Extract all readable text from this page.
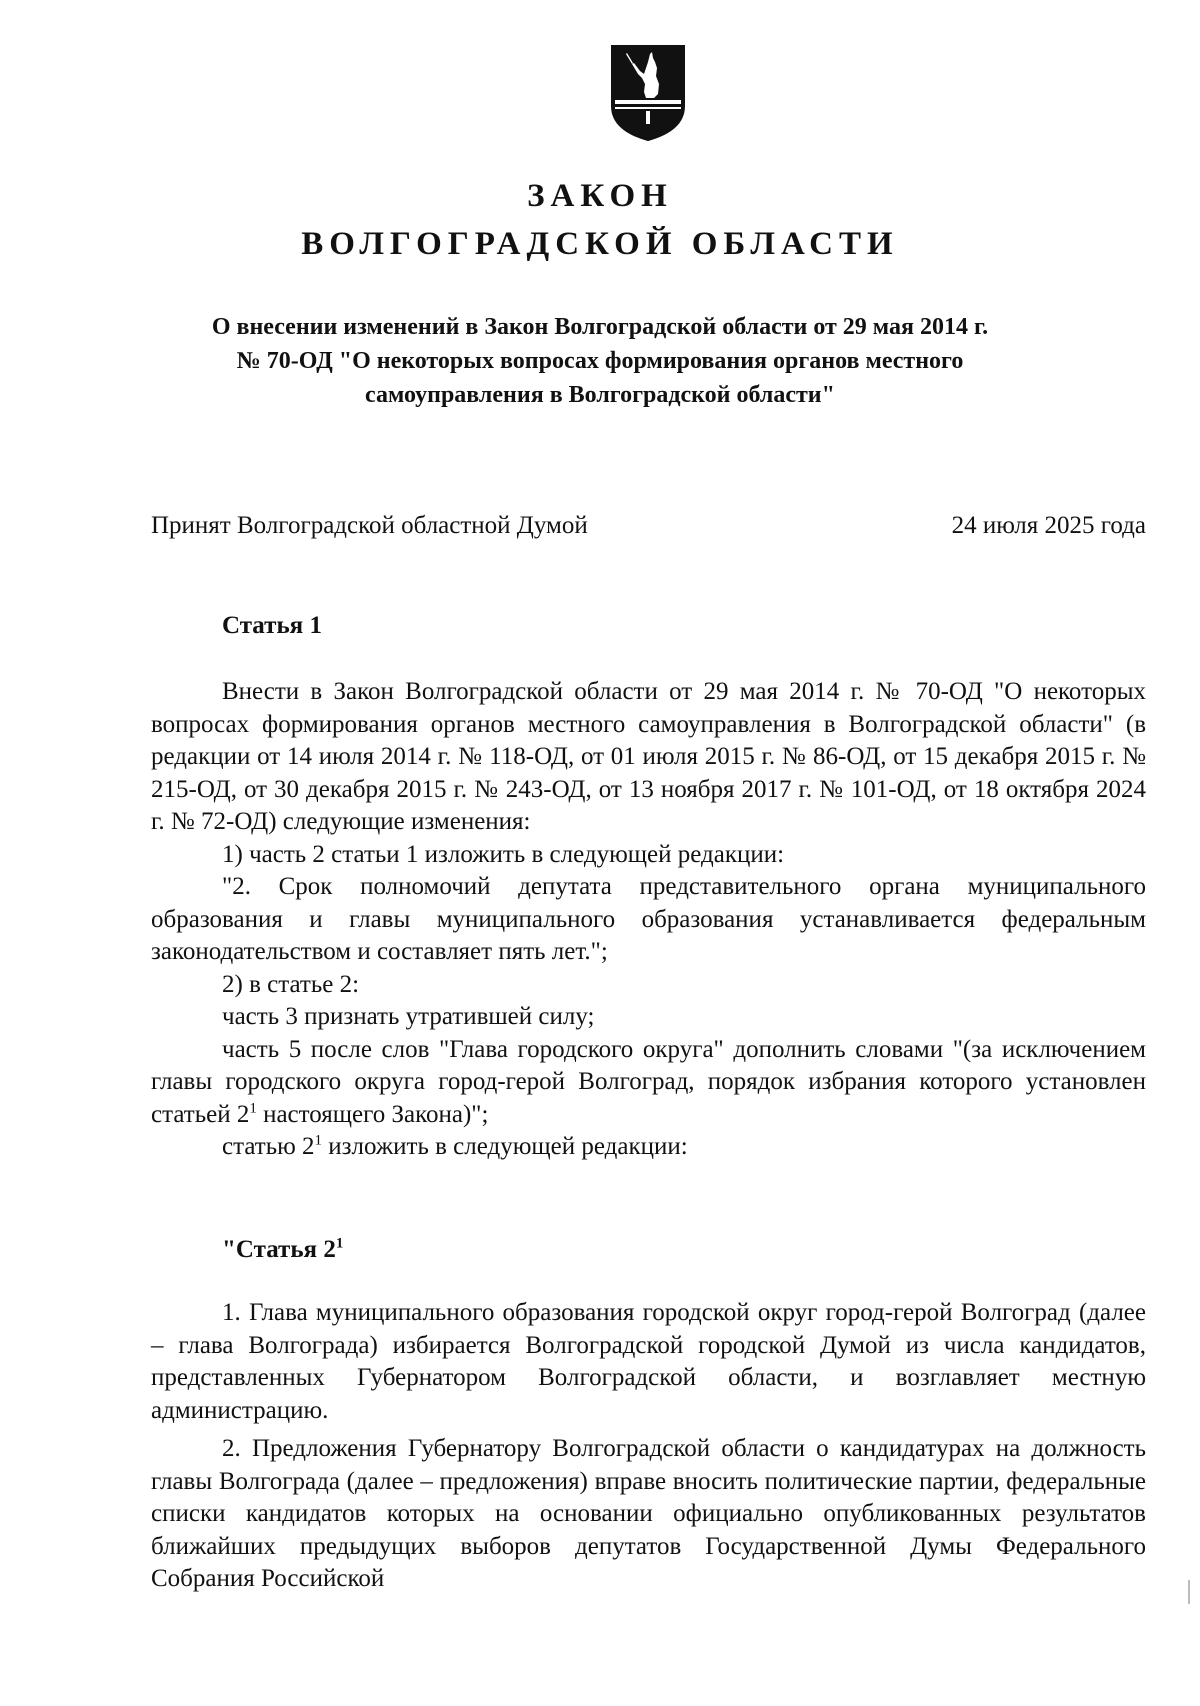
ЗАКОН
ВОЛГОГРАДСКОЙ ОБЛАСТИ
О внесении изменений в Закон Волгоградской области от 29 мая 2014 г.
№ 70-ОД "О некоторых вопросах формирования органов местного
самоуправления в Волгоградской области"
Принят Волгоградской областной Думой	24 июля 2025 года
Статья 1

Внести в Закон Волгоградской области от 29 мая 2014 г. № 70-ОД "О некоторых вопросах формирования органов местного самоуправления в Волгоградской области" (в редакции от 14 июля 2014 г. № 118-ОД, от 01 июля 2015 г. № 86-ОД, от 15 декабря 2015 г. № 215-ОД, от 30 декабря 2015 г. № 243-ОД, от 13 ноября 2017 г. № 101-ОД, от 18 октября 2024 г. № 72-ОД) следующие изменения:

1) часть 2 статьи 1 изложить в следующей редакции:

"2. Срок полномочий депутата представительного органа муниципального образования и главы муниципального образования устанавливается федеральным законодательством и составляет пять лет.";

2) в статье 2:

часть 3 признать утратившей силу;

часть 5 после слов "Глава городского округа" дополнить словами "(за исключением главы городского округа город-герой Волгоград, порядок избрания которого установлен статьей $2^1$ настоящего Закона)";

статью $2^1$ изложить в следующей редакции:

"Статья $2^1$

1. Глава муниципального образования городской округ город-герой Волгоград (далее – глава Волгограда) избирается Волгоградской городской Думой из числа кандидатов, представленных Губернатором Волгоградской области, и возглавляет местную администрацию.

2. Предложения Губернатору Волгоградской области о кандидатурах на должность главы Волгограда (далее – предложения) вправе вносить политические партии, федеральные списки кандидатов которых на основании официально опубликованных результатов ближайших предыдущих выборов депутатов Государственной Думы Федерального Собрания Российской
